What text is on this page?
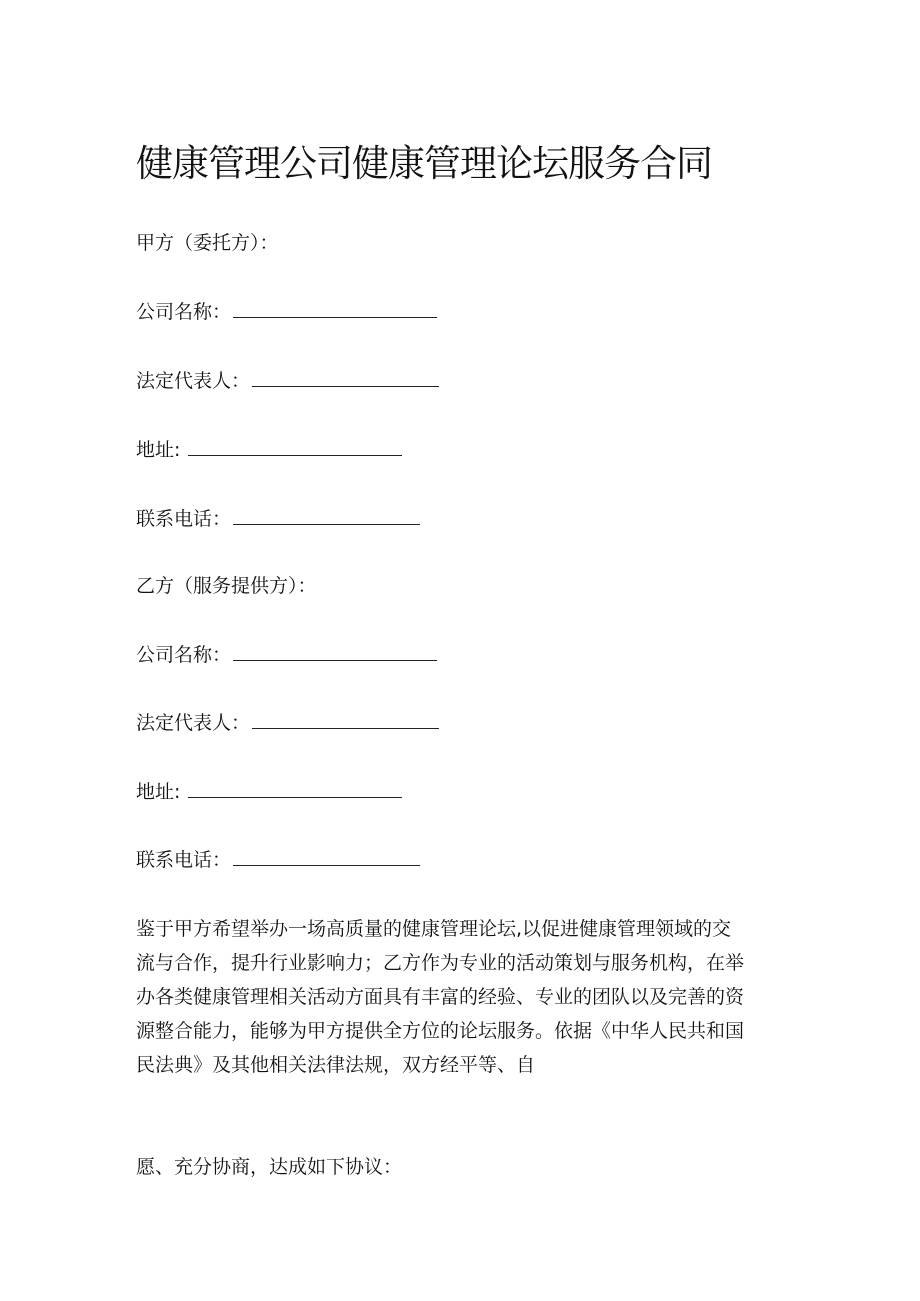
健康管理公司健康管理论坛服务合同
甲方（委托方）：
公司名称：
法定代表人：
地址:
联系电话：
乙方（服务提供方）：
公司名称：
法定代表人：
地址:
联系电话：
鉴于甲方希望举办一场高质量的健康管理论坛,以促进健康管理领域的交
流与合作，提升行业影响力；乙方作为专业的活动策划与服务机构，在举
办各类健康管理相关活动方面具有丰富的经验、专业的团队以及完善的资
源整合能力，能够为甲方提供全方位的论坛服务。依据《中华人民共和国
民法典》及其他相关法律法规，双方经平等、自
愿、充分协商，达成如下协议：
